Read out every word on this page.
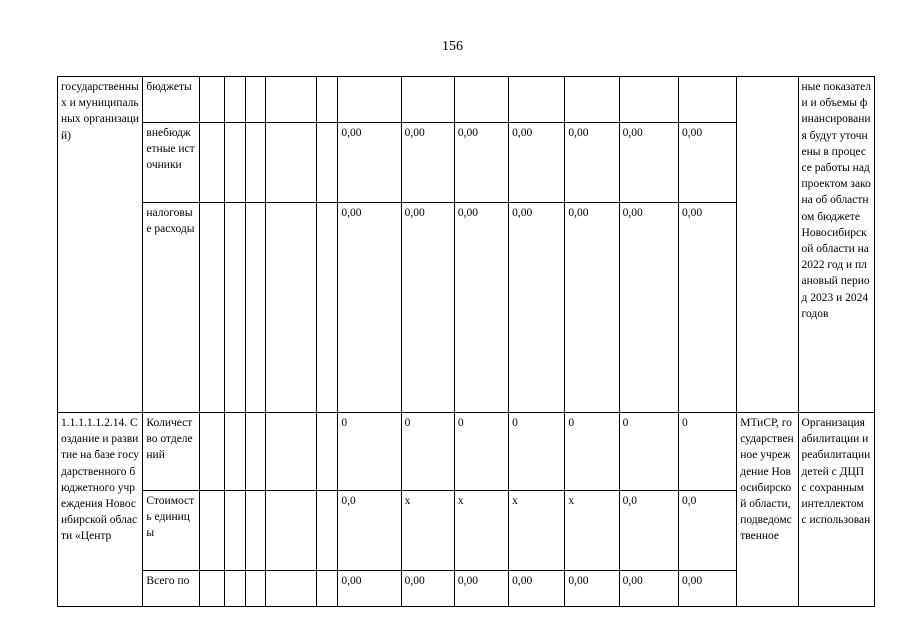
156
государственных и муниципальных организаций)	бюджеты														ные показатели и объемы финансирования будут уточнены в процессе работы над проектом закона об областном бюджете Новосибирской области на 2022 год и плановый период 2023 и 2024 годов
	внебюджетные источники						0,00	0,00	0,00	0,00	0,00	0,00	0,00		
	налоговые расходы						0,00	0,00	0,00	0,00	0,00	0,00	0,00		
1.1.1.1.1.2.14. Создание и развитие на базе государственного бюджетного учреждения Новосибирской области «Центр	Количество отделений						0	0	0	0	0	0	0	МТиСР, государственное учреждение Новосибирской области, подведомственное	Организация абилитации и реабилитации детей с ДЦП с сохранным интеллектом с использован
	Стоимость единицы						0,0	x	x	x	x	0,0	0,0		
	Всего по						0,00	0,00	0,00	0,00	0,00	0,00	0,00		
